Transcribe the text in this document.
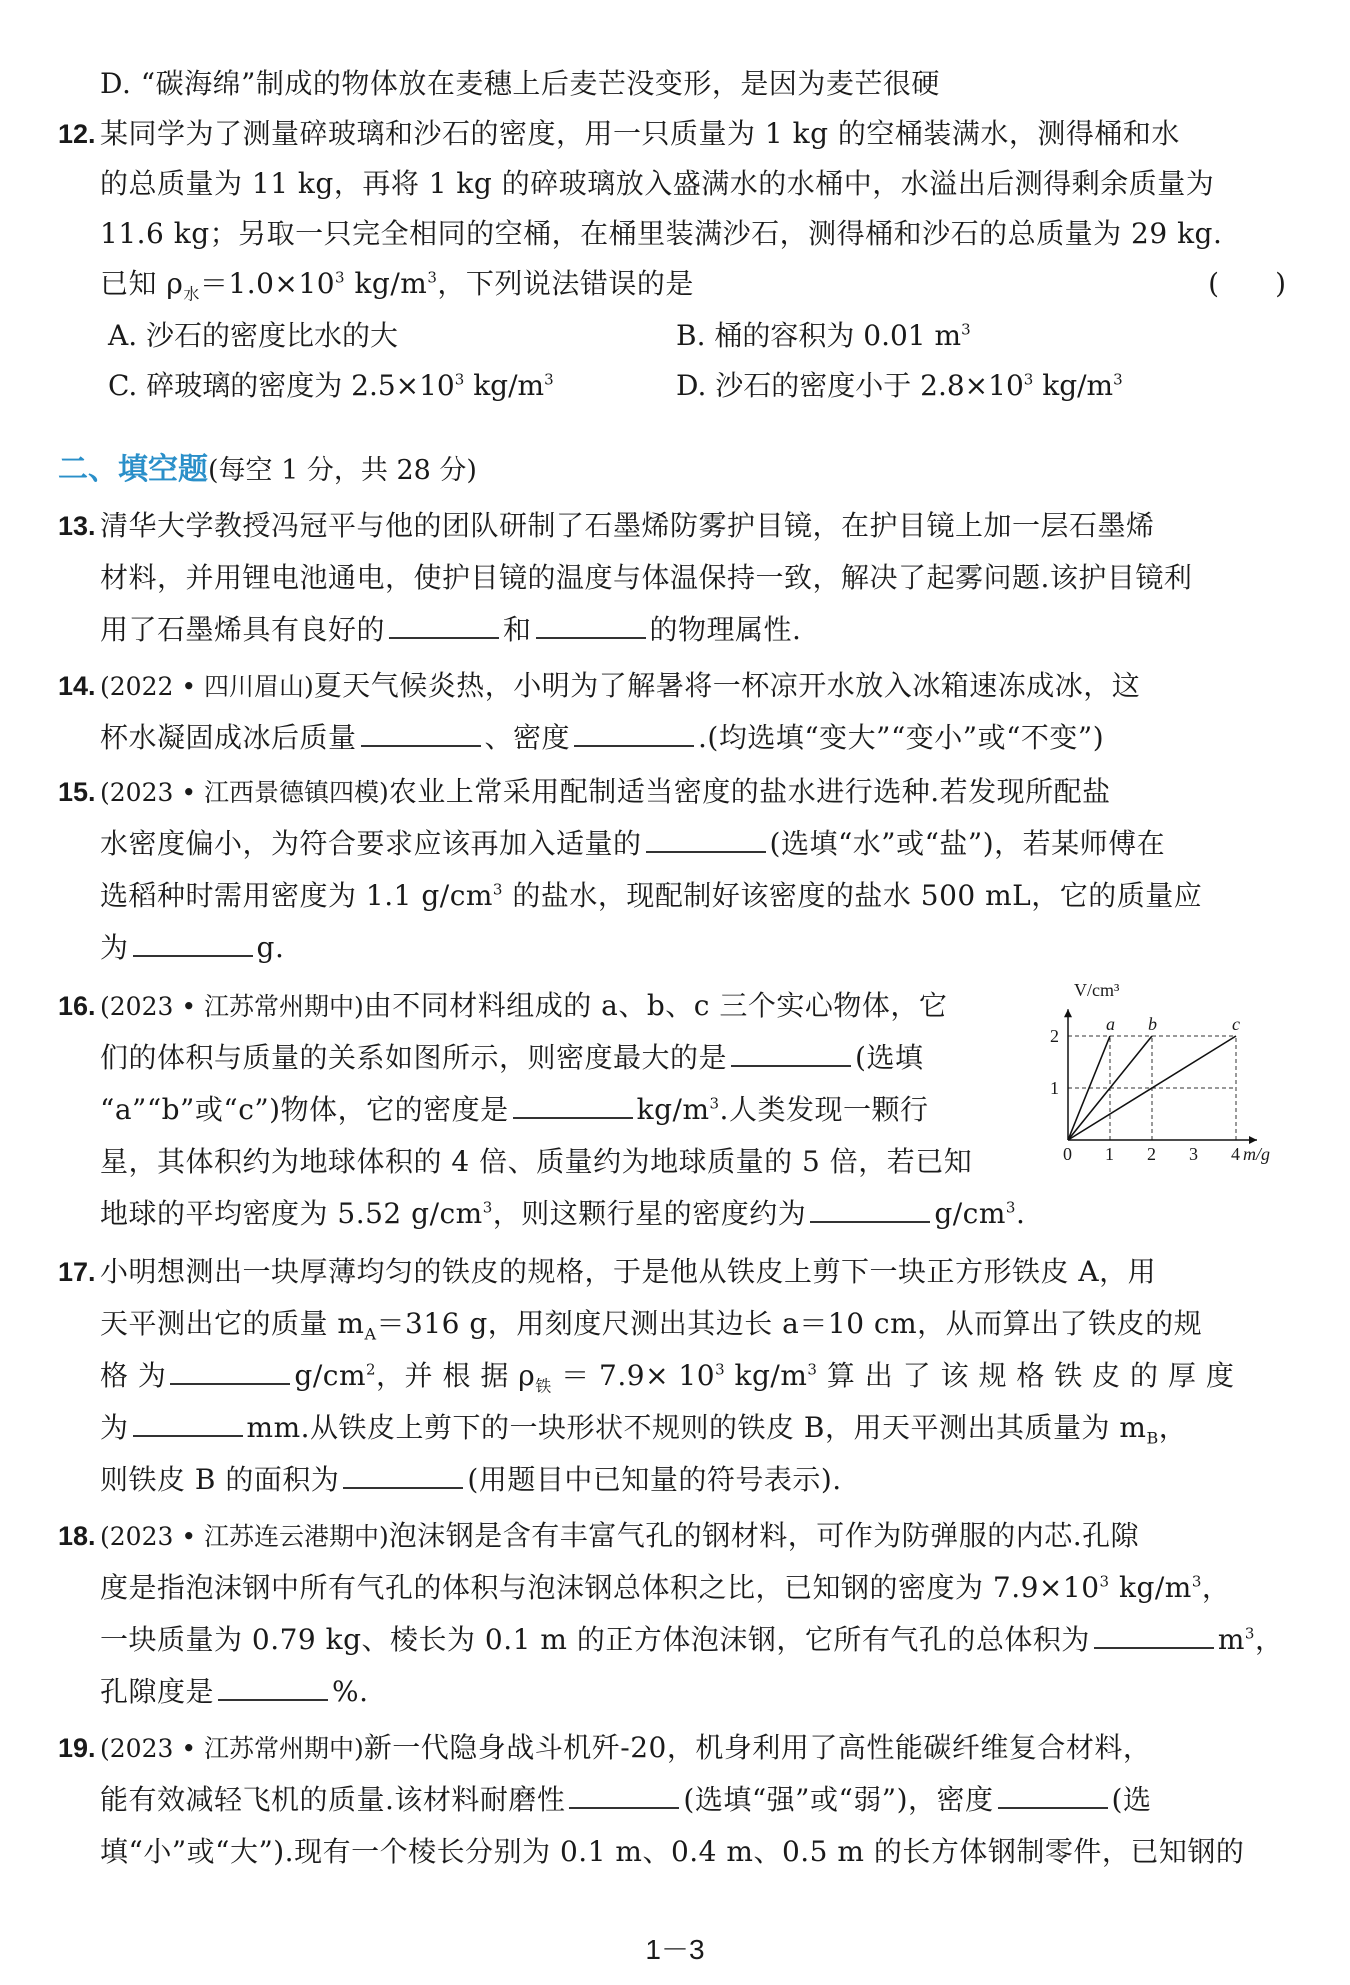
D. “碳海绵”制成的物体放在麦穗上后麦芒没变形，是因为麦芒很硬
12. 某同学为了测量碎玻璃和沙石的密度，用一只质量为 1 kg 的空桶装满水，测得桶和水
的总质量为 11 kg，再将 1 kg 的碎玻璃放入盛满水的水桶中，水溢出后测得剩余质量为
11.6 kg；另取一只完全相同的空桶，在桶里装满沙石，测得桶和沙石的总质量为 29 kg.
已知 $\rho_水=1.0\times 10^3$ $kg/m^3$，下列说法错误的是	(　　)
A. 沙石的密度比水的大	B. 桶的容积为 0.01 $m^3$
C. 碎玻璃的密度为 $2.5\times 10^3$ $kg/m^3$	D. 沙石的密度小于 $2.8\times 10^3$ $kg/m^3$
二、填空题(每空 1 分，共 28 分)
13. 清华大学教授冯冠平与他的团队研制了石墨烯防雾护目镜，在护目镜上加一层石墨烯
材料，并用锂电池通电，使护目镜的温度与体温保持一致，解决了起雾问题.该护目镜利
用了石墨烯具有良好的	和	的物理属性.
14. (2022 • 四川眉山)夏天气候炎热，小明为了解暑将一杯凉开水放入冰箱速冻成冰，这
杯水凝固成冰后质量	、密度	.(均选填“变大”“变小”或“不变”)
15. (2023 • 江西景德镇四模)农业上常采用配制适当密度的盐水进行选种.若发现所配盐
水密度偏小，为符合要求应该再加入适量的	(选填“水”或“盐”)，若某师傅在
选稻种时需用密度为 1.1 $g/cm^3$ 的盐水，现配制好该密度的盐水 500 mL，它的质量应
为	g.
16. (2023 • 江苏常州期中)由不同材料组成的 a、b、c 三个实心物体，它
们的体积与质量的关系如图所示，则密度最大的是	(选填
“a”“b”或“c”)物体，它的密度是	$kg/m^3$.人类发现一颗行
星，其体积约为地球体积的 4 倍、质量约为地球质量的 5 倍，若已知
地球的平均密度为 5.52 $g/cm^3$，则这颗行星的密度约为	$g/cm^3$.
a b	c
0 1 2 3 4
1
2
m/g
V/cm³
17. 小明想测出一块厚薄均匀的铁皮的规格，于是他从铁皮上剪下一块正方形铁皮 A，用
天平测出它的质量 $m_A=316$ g，用刻度尺测出其边长 a＝10 cm，从而算出了铁皮的规
格 为	$g/cm^2$，并 根 据 $\rho_铁 = 7.9\times 10^3$ $kg/m^3$ 算 出 了 该 规 格 铁 皮 的 厚 度
为	mm.从铁皮上剪下的一块形状不规则的铁皮 B，用天平测出其质量为 $m_B$，
则铁皮 B 的面积为	(用题目中已知量的符号表示).
18. (2023 • 江苏连云港期中)泡沫钢是含有丰富气孔的钢材料，可作为防弹服的内芯.孔隙
度是指泡沫钢中所有气孔的体积与泡沫钢总体积之比，已知钢的密度为 $7.9\times 10^3$ $kg/m^3$，
一块质量为 0.79 kg、棱长为 0.1 m 的正方体泡沫钢，它所有气孔的总体积为	$m^3$，
孔隙度是	%.
19. (2023 • 江苏常州期中)新一代隐身战斗机歼-20，机身利用了高性能碳纤维复合材料，
能有效减轻飞机的质量.该材料耐磨性	(选填“强”或“弱”)，密度	(选
填“小”或“大”).现有一个棱长分别为 0.1 m、0.4 m、0.5 m 的长方体钢制零件，已知钢的
1－3
